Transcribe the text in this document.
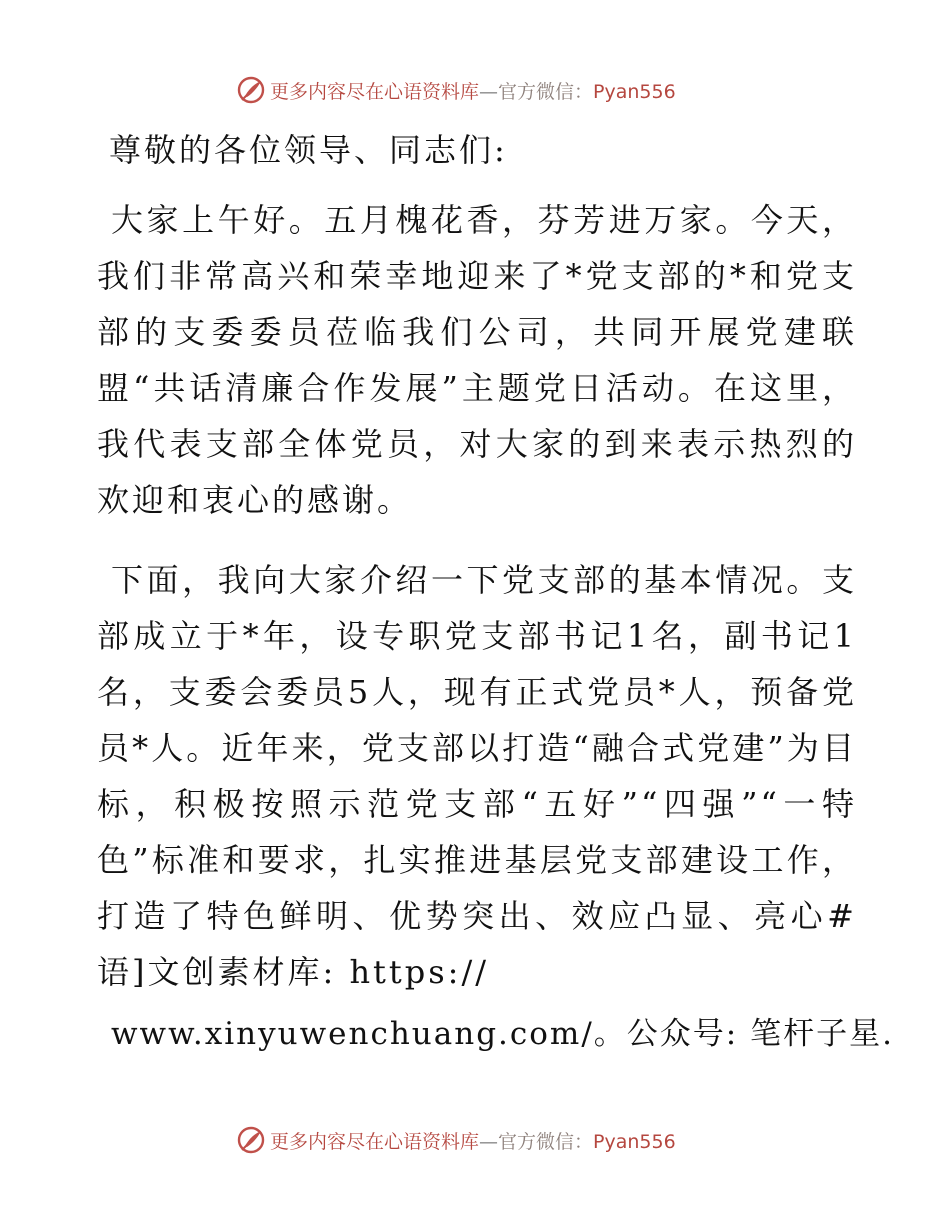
更多内容尽在心语资料库—官方微信：Pyan556

尊敬的各位领导、同志们:

大家上午好。五月槐花香，芬芳进万家。今天，我们非常高兴和荣幸地迎来了*党支部的*和党支部的支委委员莅临我们公司，共同开展党建联盟“共话清廉合作发展”主题党日活动。在这里，我代表支部全体党员，对大家的到来表示热烈的欢迎和衷心的感谢。

下面，我向大家介绍一下党支部的基本情况。支部成立于*年，设专职党支部书记1名，副书记1名，支委会委员5人，现有正式党员*人，预备党员*人。近年来，党支部以打造“融合式党建”为目标，积极按照示范党支部“五好”“四强”“一特色”标准和要求，扎实推进基层党支部建设工作，打造了特色鲜明、优势突出、效应凸显、亮心#语]文创素材库: https://
www.xinyuwenchuang.com/。公众号: 笔杆子星.

更多内容尽在心语资料库—官方微信：Pyan556
